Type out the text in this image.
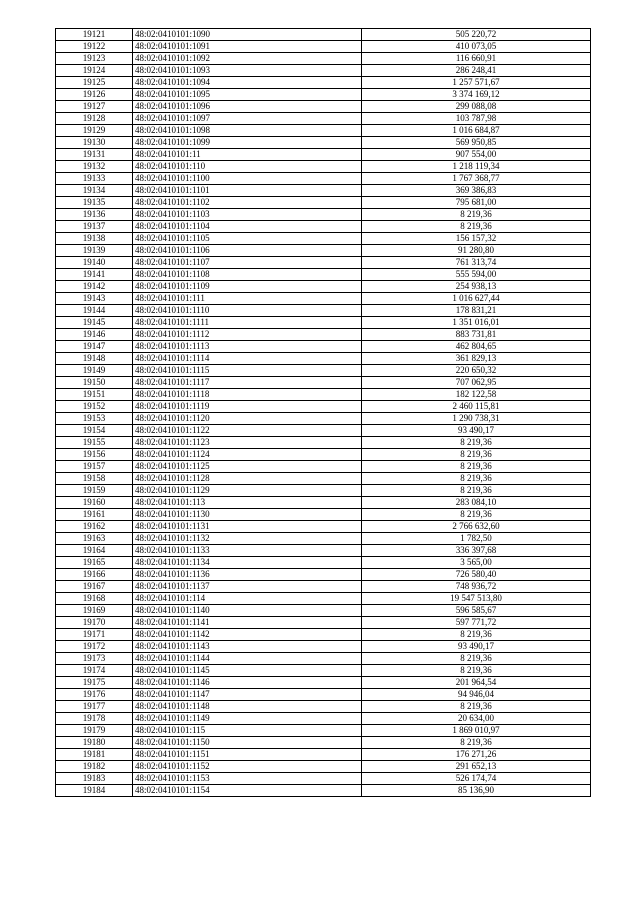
19121	48:02:0410101:1090	505 220,72
19122	48:02:0410101:1091	410 073,05
19123	48:02:0410101:1092	116 660,91
19124	48:02:0410101:1093	286 248,41
19125	48:02:0410101:1094	1 257 571,67
19126	48:02:0410101:1095	3 374 169,12
19127	48:02:0410101:1096	299 088,08
19128	48:02:0410101:1097	103 787,98
19129	48:02:0410101:1098	1 016 684,87
19130	48:02:0410101:1099	569 950,85
19131	48:02:0410101:11	907 554,00
19132	48:02:0410101:110	1 218 119,34
19133	48:02:0410101:1100	1 767 368,77
19134	48:02:0410101:1101	369 386,83
19135	48:02:0410101:1102	795 681,00
19136	48:02:0410101:1103	8 219,36
19137	48:02:0410101:1104	8 219,36
19138	48:02:0410101:1105	156 157,32
19139	48:02:0410101:1106	91 280,80
19140	48:02:0410101:1107	761 313,74
19141	48:02:0410101:1108	555 594,00
19142	48:02:0410101:1109	254 938,13
19143	48:02:0410101:111	1 016 627,44
19144	48:02:0410101:1110	178 831,21
19145	48:02:0410101:1111	1 351 016,01
19146	48:02:0410101:1112	883 731,81
19147	48:02:0410101:1113	462 804,65
19148	48:02:0410101:1114	361 829,13
19149	48:02:0410101:1115	220 650,32
19150	48:02:0410101:1117	707 062,95
19151	48:02:0410101:1118	182 122,58
19152	48:02:0410101:1119	2 460 115,81
19153	48:02:0410101:1120	1 290 738,31
19154	48:02:0410101:1122	93 490,17
19155	48:02:0410101:1123	8 219,36
19156	48:02:0410101:1124	8 219,36
19157	48:02:0410101:1125	8 219,36
19158	48:02:0410101:1128	8 219,36
19159	48:02:0410101:1129	8 219,36
19160	48:02:0410101:113	283 084,10
19161	48:02:0410101:1130	8 219,36
19162	48:02:0410101:1131	2 766 632,60
19163	48:02:0410101:1132	1 782,50
19164	48:02:0410101:1133	336 397,68
19165	48:02:0410101:1134	3 565,00
19166	48:02:0410101:1136	726 580,40
19167	48:02:0410101:1137	748 936,72
19168	48:02:0410101:114	19 547 513,80
19169	48:02:0410101:1140	596 585,67
19170	48:02:0410101:1141	597 771,72
19171	48:02:0410101:1142	8 219,36
19172	48:02:0410101:1143	93 490,17
19173	48:02:0410101:1144	8 219,36
19174	48:02:0410101:1145	8 219,36
19175	48:02:0410101:1146	201 964,54
19176	48:02:0410101:1147	94 946,04
19177	48:02:0410101:1148	8 219,36
19178	48:02:0410101:1149	20 634,00
19179	48:02:0410101:115	1 869 010,97
19180	48:02:0410101:1150	8 219,36
19181	48:02:0410101:1151	176 271,26
19182	48:02:0410101:1152	291 652,13
19183	48:02:0410101:1153	526 174,74
19184	48:02:0410101:1154	85 136,90
